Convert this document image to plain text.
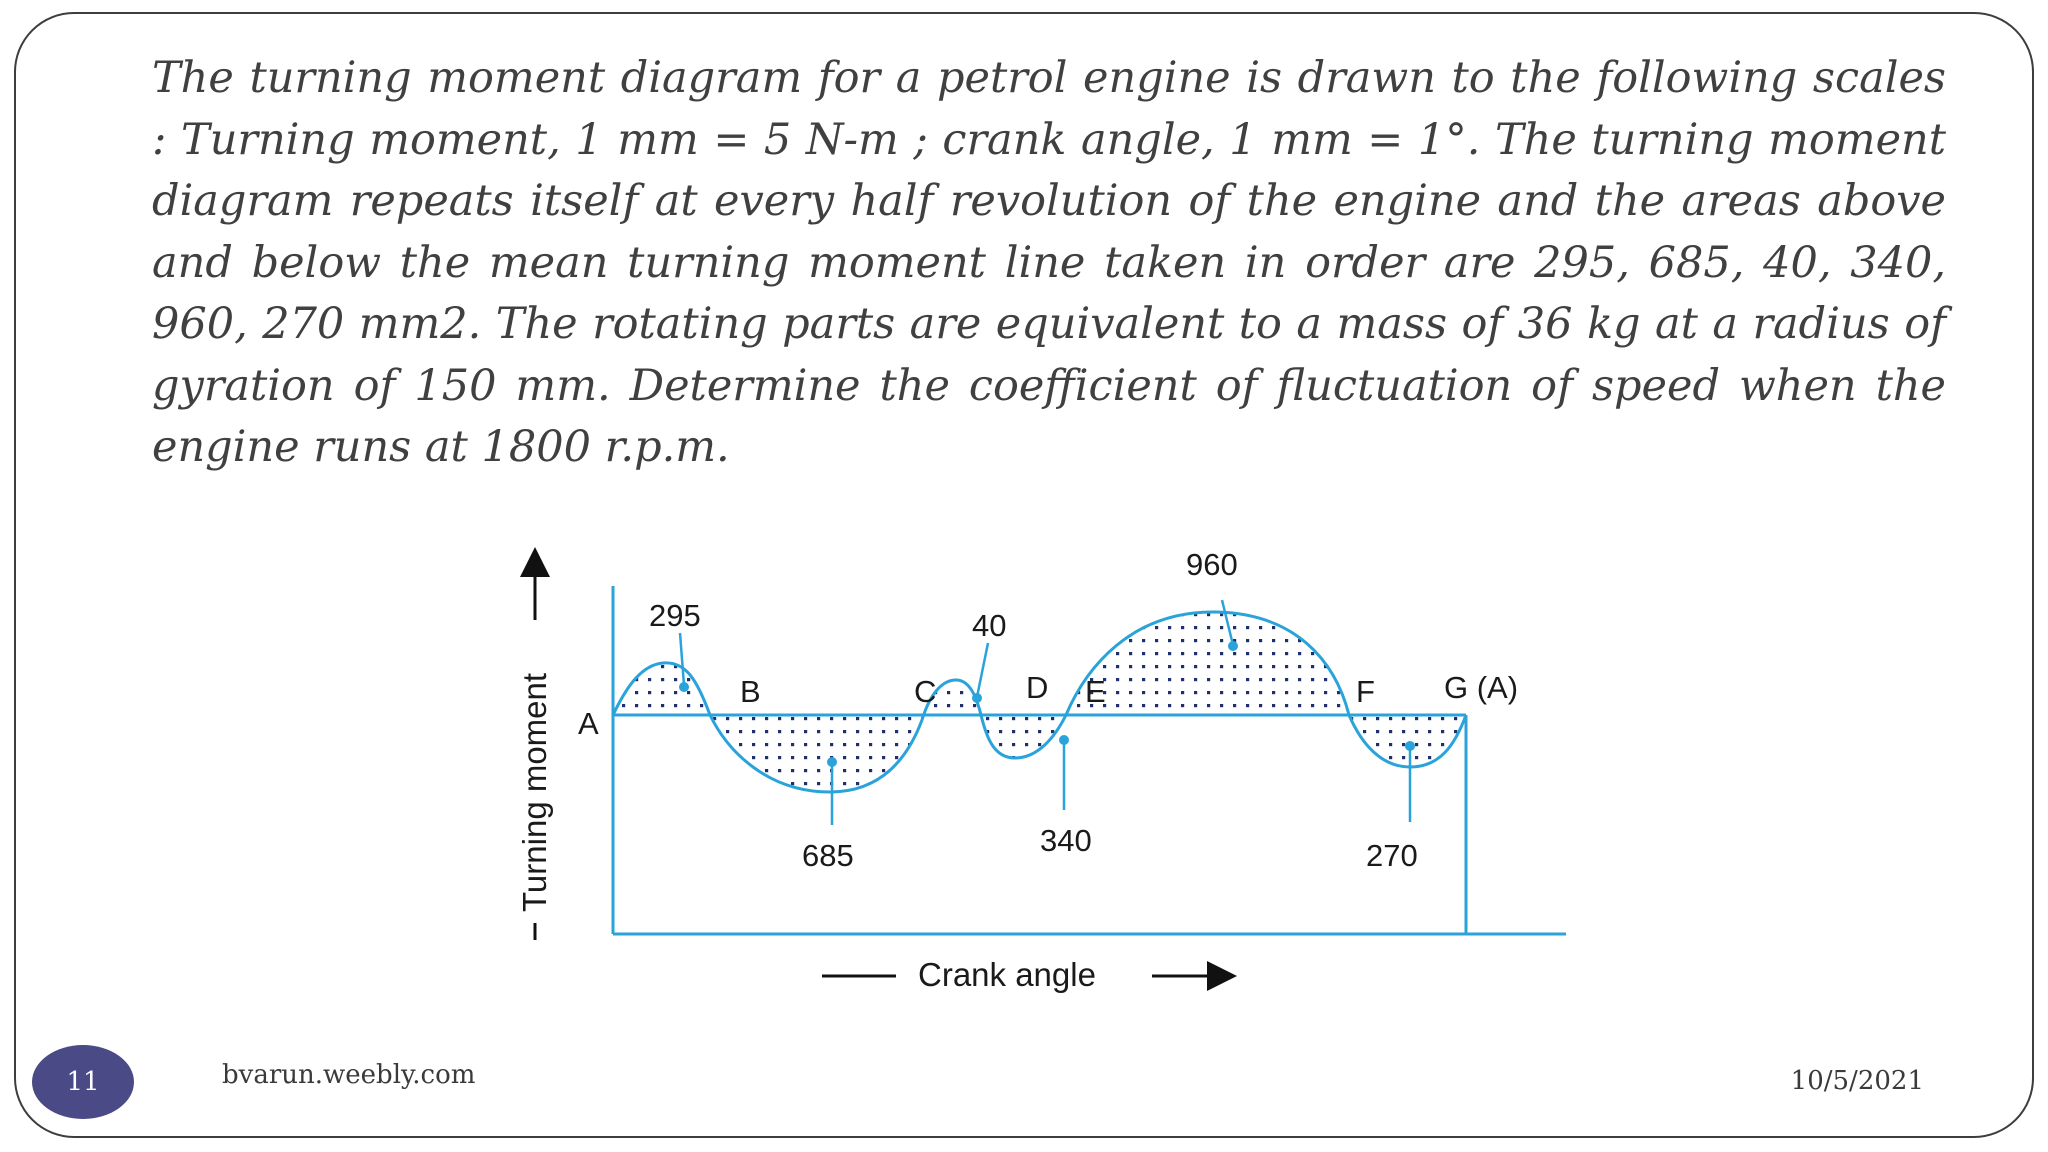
The turning moment diagram for a petrol engine is drawn to the following scales : Turning moment, 1 mm = 5 N-m ; crank angle, 1 mm = 1°. The turning moment diagram repeats itself at every half revolution of the engine and the areas above and below the mean turning moment line taken in order are 295, 685, 40, 340, 960, 270 mm2. The rotating parts are equivalent to a mass of 36 kg at a radius of gyration of 150 mm. Determine the coefficient of fluctuation of speed when the engine runs at 1800 r.p.m.

A
B	C	D E	F G (A)
295
685
40
340
960
270
Turning moment
Crank angle
11	bvarun.weebly.com	10/5/2021
